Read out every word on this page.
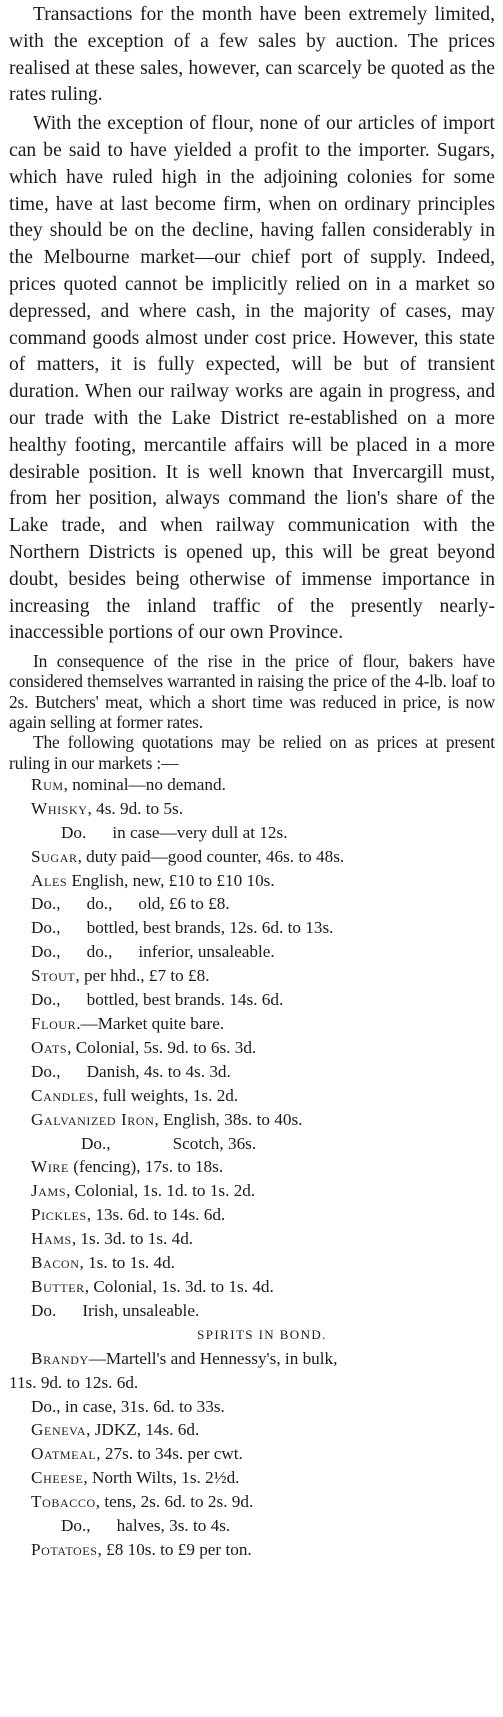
Transactions for the month have been extremely limited, with the exception of a few sales by auction. The prices realised at these sales, however, can scarcely be quoted as the rates ruling.

With the exception of flour, none of our articles of import can be said to have yielded a profit to the importer. Sugars, which have ruled high in the adjoining colonies for some time, have at last become firm, when on ordinary principles they should be on the decline, having fallen considerably in the Melbourne market—our chief port of supply. Indeed, prices quoted cannot be implicitly relied on in a market so depressed, and where cash, in the majority of cases, may command goods almost under cost price. However, this state of matters, it is fully expected, will be but of transient duration. When our railway works are again in progress, and our trade with the Lake District re-established on a more healthy footing, mercantile affairs will be placed in a more desirable position. It is well known that Invercargill must, from her position, always command the lion's share of the Lake trade, and when railway communication with the Northern Districts is opened up, this will be great beyond doubt, besides being otherwise of immense importance in increasing the inland traffic of the presently nearly-inaccessible portions of our own Province.

In consequence of the rise in the price of flour, bakers have considered themselves warranted in raising the price of the 4-lb. loaf to 2s. Butchers' meat, which a short time was reduced in price, is now again selling at former rates.

The following quotations may be relied on as prices at present ruling in our markets :—

Rum, nominal—no demand.

Whisky, 4s. 9d. to 5s.

Do. in case—very dull at 12s.

Sugar, duty paid—good counter, 46s. to 48s.

Ales English, new, £10 to £10 10s.

Do., do., old, £6 to £8.

Do., bottled, best brands, 12s. 6d. to 13s.

Do., do., inferior, unsaleable.

Stout, per hhd., £7 to £8.

Do., bottled, best brands. 14s. 6d.

Flour.—Market quite bare.

Oats, Colonial, 5s. 9d. to 6s. 3d.

Do., Danish, 4s. to 4s. 3d.

Candles, full weights, 1s. 2d.

Galvanized Iron, English, 38s. to 40s.

Do.,	Scotch, 36s.

Wire (fencing), 17s. to 18s.

Jams, Colonial, 1s. 1d. to 1s. 2d.

Pickles, 13s. 6d. to 14s. 6d.

Hams, 1s. 3d. to 1s. 4d.

Bacon, 1s. to 1s. 4d.

Butter, Colonial, 1s. 3d. to 1s. 4d.

Do. Irish, unsaleable.

SPIRITS IN BOND.

Brandy—Martell's and Hennessy's, in bulk,

11s. 9d. to 12s. 6d.

Do., in case, 31s. 6d. to 33s.

Geneva, JDKZ, 14s. 6d.

Oatmeal, 27s. to 34s. per cwt.

Cheese, North Wilts, 1s. 2½d.

Tobacco, tens, 2s. 6d. to 2s. 9d.

Do., halves, 3s. to 4s.

Potatoes, £8 10s. to £9 per ton.
